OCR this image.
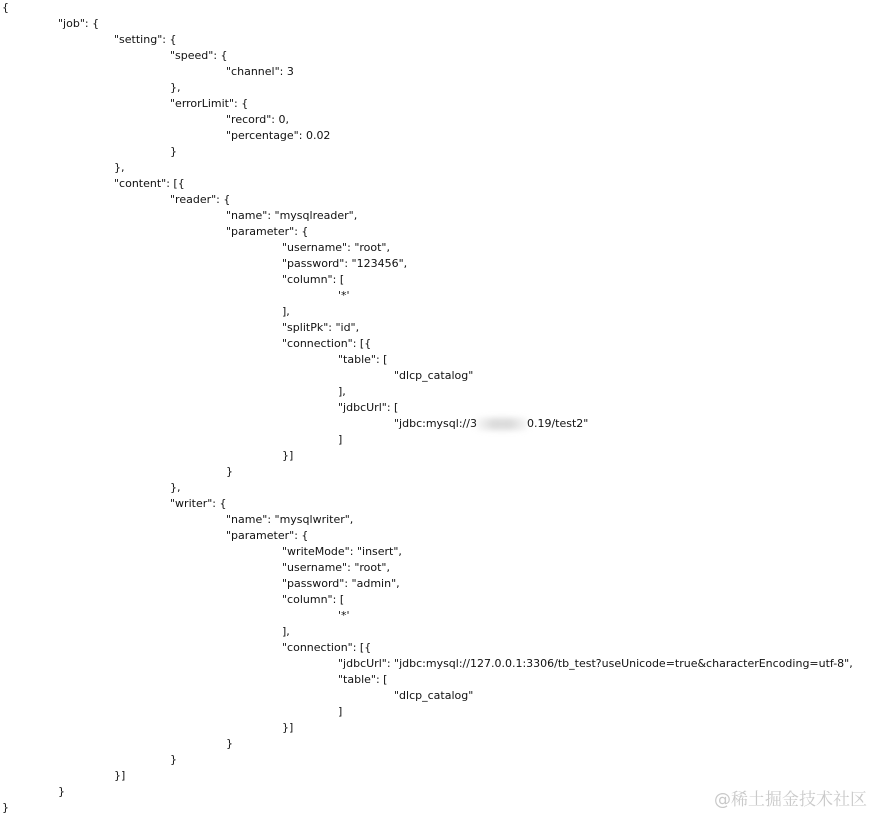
{
"job": {
"setting": {
"speed": {
"channel": 3
},
"errorLimit": {
"record": 0,
"percentage": 0.02
}
},
"content": [{
"reader": {
"name": "mysqlreader",
"parameter": {
"username": "root",
"password": "123456",
"column": [
'*'
],
"splitPk": "id",
"connection": [{
"table": [
"dlcp_catalog"
],
"jdbcUrl": [
"jdbc:mysql://3	0.19/test2"
]
}]
}
},
"writer": {
"name": "mysqlwriter",
"parameter": {
"writeMode": "insert",
"username": "root",
"password": "admin",
"column": [
'*'
],
"connection": [{
"jdbcUrl": "jdbc:mysql://127.0.0.1:3306/tb_test?useUnicode=true&characterEncoding=utf-8",
"table": [
"dlcp_catalog"
]
}]
}
}
}]
}
}	@稀土掘金技术社区
